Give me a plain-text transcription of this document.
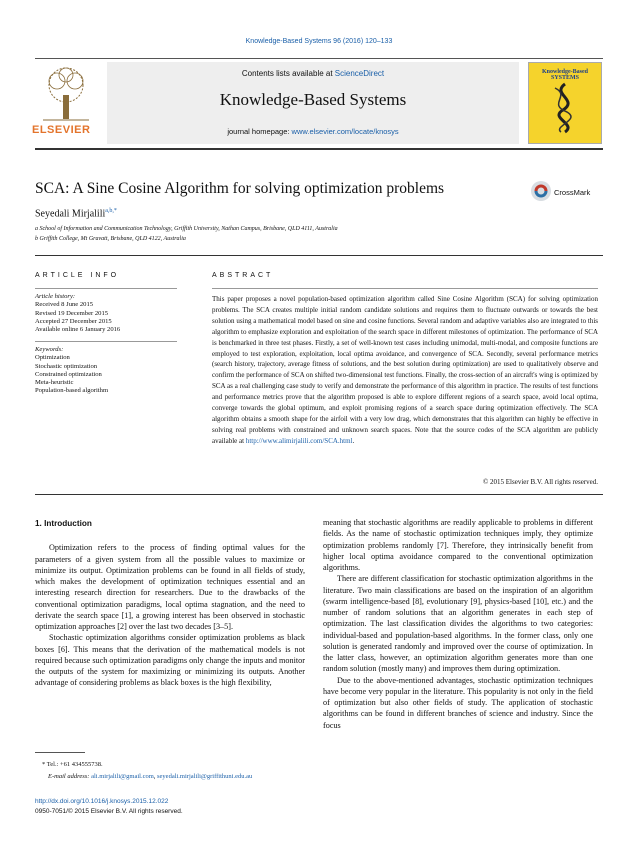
Knowledge-Based Systems 96 (2016) 120–133
ELSEVIER
Contents lists available at ScienceDirect
Knowledge-Based Systems
journal homepage: www.elsevier.com/locate/knosys
Knowledge-Based SYSTEMS
SCA: A Sine Cosine Algorithm for solving optimization problems	CrossMark
Seyedali Mirjalili$^{a,b,*}$
a School of Information and Communication Technology, Griffith University, Nathan Campus, Brisbane, QLD 4111, Australia
b Griffith College, Mt Gravatt, Brisbane, QLD 4122, Australia
ARTICLE INFO
Article history:
Received 8 June 2015
Revised 19 December 2015
Accepted 27 December 2015
Available online 6 January 2016
Keywords:
Optimization
Stochastic optimization
Constrained optimization
Meta-heuristic
Population-based algorithm
ABSTRACT
This paper proposes a novel population-based optimization algorithm called Sine Cosine Algorithm (SCA) for solving optimization problems. The SCA creates multiple initial random candidate solutions and requires them to fluctuate outwards or towards the best solution using a mathematical model based on sine and cosine functions. Several random and adaptive variables also are integrated to this algorithm to emphasize exploration and exploitation of the search space in different milestones of optimization. The performance of SCA is benchmarked in three test phases. Firstly, a set of well-known test cases including unimodal, multi-modal, and composite functions are employed to test exploration, exploitation, local optima avoidance, and convergence of SCA. Secondly, several performance metrics (search history, trajectory, average fitness of solutions, and the best solution during optimization) are used to qualitatively observe and confirm the performance of SCA on shifted two-dimensional test functions. Finally, the cross-section of an aircraft's wing is optimized by SCA as a real challenging case study to verify and demonstrate the performance of this algorithm in practice. The results of test functions and performance metrics prove that the algorithm proposed is able to explore different regions of a search space, avoid local optima, converge towards the global optimum, and exploit promising regions of a search space during optimization effectively. The SCA algorithm obtains a smooth shape for the airfoil with a very low drag, which demonstrates that this algorithm can highly be effective in solving real problems with constrained and unknown search spaces. Note that the source codes of the SCA algorithm are publicly available at http://www.alimirjalili.com/SCA.html.
© 2015 Elsevier B.V. All rights reserved.
1. Introduction

Optimization refers to the process of finding optimal values for the parameters of a given system from all the possible values to maximize or minimize its output. Optimization problems can be found in all fields of study, which makes the development of optimization techniques essential and an interesting research direction for researchers. Due to the drawbacks of the conventional optimization paradigms, local optima stagnation, and the need to derivate the search space [1], a growing interest has been observed in stochastic optimization approaches [2] over the last two decades [3–5].

Stochastic optimization algorithms consider optimization problems as black boxes [6]. This means that the derivation of the mathematical models is not required because such optimization paradigms only change the inputs and monitor the outputs of the system for maximizing or minimizing its outputs. Another advantage of considering problems as black boxes is the high flexibility,

meaning that stochastic algorithms are readily applicable to problems in different fields. As the name of stochastic optimization techniques imply, they optimize optimization problems randomly [7]. Therefore, they intrinsically benefit from higher local optima avoidance compared to the conventional optimization algorithms.

There are different classification for stochastic optimization algorithms in the literature. Two main classifications are based on the inspiration of an algorithm (swarm intelligence-based [8], evolutionary [9], physics-based [10], etc.) and the number of random solutions that an algorithm generates in each step of optimization. The last classification divides the algorithms to two categories: individual-based and population-based algorithms. In the former class, only one solution is generated randomly and improved over the course of optimization. In the latter class, however, an optimization algorithm generates more than one random solution (mostly many) and improves them during optimization.

Due to the above-mentioned advantages, stochastic optimization techniques have become very popular in the literature. This popularity is not only in the field of optimization but also other fields of study. The application of stochastic algorithms can be found in different branches of science and industry. Since the focus

* Tel.: +61 434555738.
E-mail address: ali.mirjalili@gmail.com, seyedali.mirjalili@griffithuni.edu.au
http://dx.doi.org/10.1016/j.knosys.2015.12.022
0950-7051/© 2015 Elsevier B.V. All rights reserved.
